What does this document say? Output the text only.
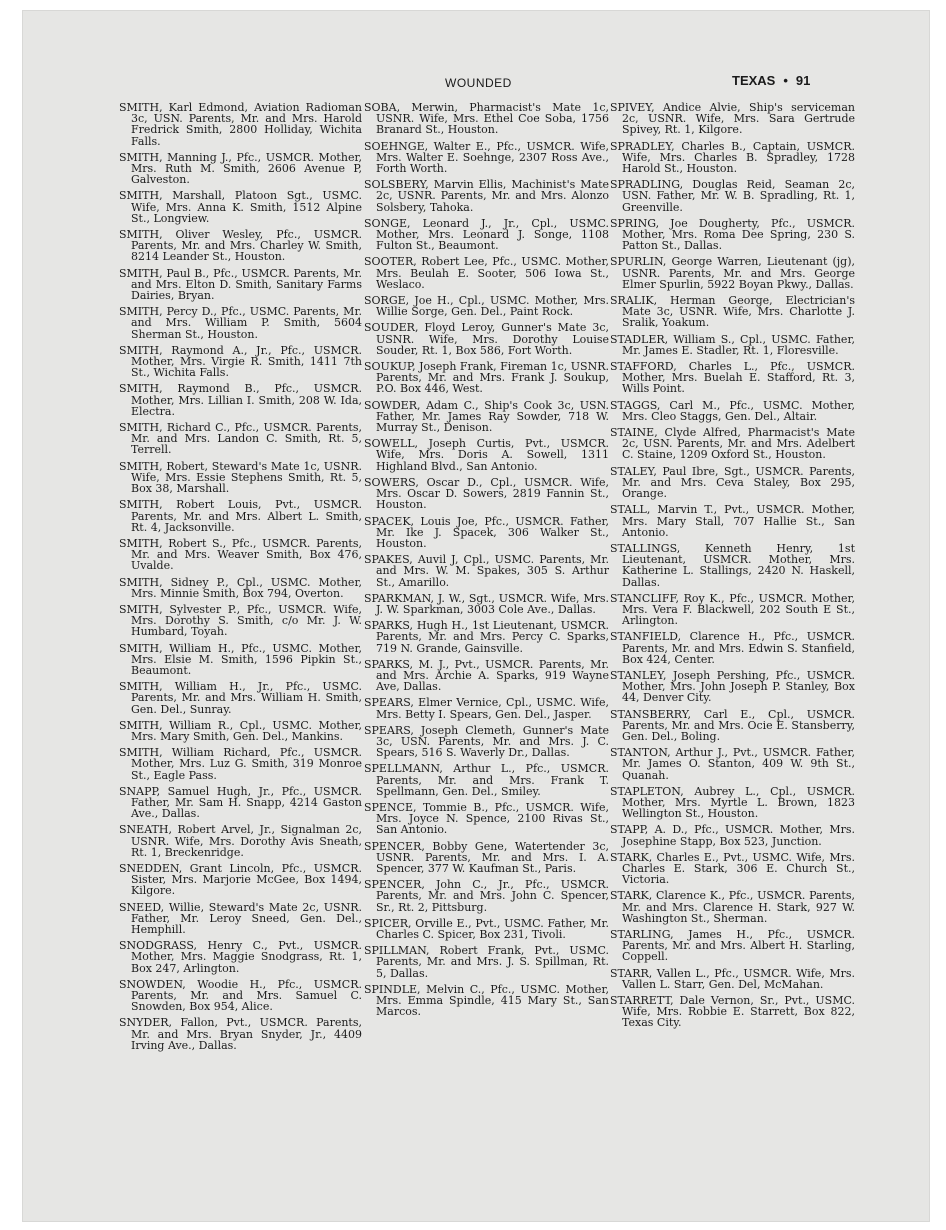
WOUNDED	TEXAS • 91

SMITH, Karl Edmond, Aviation Radioman 3c, USN. Parents, Mr. and Mrs. Harold Fredrick Smith, 2800 Holliday, Wichita Falls.

SMITH, Manning J., Pfc., USMCR. Mother, Mrs. Ruth M. Smith, 2606 Avenue P, Galveston.

SMITH, Marshall, Platoon Sgt., USMC. Wife, Mrs. Anna K. Smith, 1512 Alpine St., Longview.

SMITH, Oliver Wesley, Pfc., USMCR. Parents, Mr. and Mrs. Charley W. Smith, 8214 Leander St., Houston.

SMITH, Paul B., Pfc., USMCR. Parents, Mr. and Mrs. Elton D. Smith, Sanitary Farms Dairies, Bryan.

SMITH, Percy D., Pfc., USMC. Parents, Mr. and Mrs. William P. Smith, 5604 Sherman St., Houston.

SMITH, Raymond A., Jr., Pfc., USMCR. Mother, Mrs. Virgie R. Smith, 1411 7th St., Wichita Falls.

SMITH, Raymond B., Pfc., USMCR. Mother, Mrs. Lillian I. Smith, 208 W. Ida, Electra.

SMITH, Richard C., Pfc., USMCR. Parents, Mr. and Mrs. Landon C. Smith, Rt. 5, Terrell.

SMITH, Robert, Steward's Mate 1c, USNR. Wife, Mrs. Essie Stephens Smith, Rt. 5, Box 38, Marshall.

SMITH, Robert Louis, Pvt., USMCR. Parents, Mr. and Mrs. Albert L. Smith, Rt. 4, Jacksonville.

SMITH, Robert S., Pfc., USMCR. Parents, Mr. and Mrs. Weaver Smith, Box 476, Uvalde.

SMITH, Sidney P., Cpl., USMC. Mother, Mrs. Minnie Smith, Box 794, Overton.

SMITH, Sylvester P., Pfc., USMCR. Wife, Mrs. Dorothy S. Smith, c/o Mr. J. W. Humbard, Toyah.

SMITH, William H., Pfc., USMC. Mother, Mrs. Elsie M. Smith, 1596 Pipkin St., Beaumont.

SMITH, William H., Jr., Pfc., USMC. Parents, Mr. and Mrs. William H. Smith, Gen. Del., Sunray.

SMITH, William R., Cpl., USMC. Mother, Mrs. Mary Smith, Gen. Del., Mankins.

SMITH, William Richard, Pfc., USMCR. Mother, Mrs. Luz G. Smith, 319 Monroe St., Eagle Pass.

SNAPP, Samuel Hugh, Jr., Pfc., USMCR. Father, Mr. Sam H. Snapp, 4214 Gaston Ave., Dallas.

SNEATH, Robert Arvel, Jr., Signalman 2c, USNR. Wife, Mrs. Dorothy Avis Sneath, Rt. 1, Breckenridge.

SNEDDEN, Grant Lincoln, Pfc., USMCR. Sister, Mrs. Marjorie McGee, Box 1494, Kilgore.

SNEED, Willie, Steward's Mate 2c, USNR. Father, Mr. Leroy Sneed, Gen. Del., Hemphill.

SNODGRASS, Henry C., Pvt., USMCR. Mother, Mrs. Maggie Snodgrass, Rt. 1, Box 247, Arlington.

SNOWDEN, Woodie H., Pfc., USMCR. Parents, Mr. and Mrs. Samuel C. Snowden, Box 954, Alice.

SNYDER, Fallon, Pvt., USMCR. Parents, Mr. and Mrs. Bryan Snyder, Jr., 4409 Irving Ave., Dallas.

SOBA, Merwin, Pharmacist's Mate 1c, USNR. Wife, Mrs. Ethel Coe Soba, 1756 Branard St., Houston.

SOEHNGE, Walter E., Pfc., USMCR. Wife, Mrs. Walter E. Soehnge, 2307 Ross Ave., Forth Worth.

SOLSBERY, Marvin Ellis, Machinist's Mate 2c, USNR. Parents, Mr. and Mrs. Alonzo Solsbery, Tahoka.

SONGE, Leonard J., Jr., Cpl., USMC. Mother, Mrs. Leonard J. Songe, 1108 Fulton St., Beaumont.

SOOTER, Robert Lee, Pfc., USMC. Mother, Mrs. Beulah E. Sooter, 506 Iowa St., Weslaco.

SORGE, Joe H., Cpl., USMC. Mother, Mrs. Willie Sorge, Gen. Del., Paint Rock.

SOUDER, Floyd Leroy, Gunner's Mate 3c, USNR. Wife, Mrs. Dorothy Louise Souder, Rt. 1, Box 586, Fort Worth.

SOUKUP, Joseph Frank, Fireman 1c, USNR. Parents, Mr. and Mrs. Frank J. Soukup, P.O. Box 446, West.

SOWDER, Adam C., Ship's Cook 3c, USN. Father, Mr. James Ray Sowder, 718 W. Murray St., Denison.

SOWELL, Joseph Curtis, Pvt., USMCR. Wife, Mrs. Doris A. Sowell, 1311 Highland Blvd., San Antonio.

SOWERS, Oscar D., Cpl., USMCR. Wife, Mrs. Oscar D. Sowers, 2819 Fannin St., Houston.

SPACEK, Louis Joe, Pfc., USMCR. Father, Mr. Ike J. Spacek, 306 Walker St., Houston.

SPAKES, Auvil J, Cpl., USMC. Parents, Mr. and Mrs. W. M. Spakes, 305 S. Arthur St., Amarillo.

SPARKMAN, J. W., Sgt., USMCR. Wife, Mrs. J. W. Sparkman, 3003 Cole Ave., Dallas.

SPARKS, Hugh H., 1st Lieutenant, USMCR. Parents, Mr. and Mrs. Percy C. Sparks, 719 N. Grande, Gainsville.

SPARKS, M. J., Pvt., USMCR. Parents, Mr. and Mrs. Archie A. Sparks, 919 Wayne Ave, Dallas.

SPEARS, Elmer Vernice, Cpl., USMC. Wife, Mrs. Betty I. Spears, Gen. Del., Jasper.

SPEARS, Joseph Clemeth, Gunner's Mate 3c, USN. Parents, Mr. and Mrs. J. C. Spears, 516 S. Waverly Dr., Dallas.

SPELLMANN, Arthur L., Pfc., USMCR. Parents, Mr. and Mrs. Frank T. Spellmann, Gen. Del., Smiley.

SPENCE, Tommie B., Pfc., USMCR. Wife, Mrs. Joyce N. Spence, 2100 Rivas St., San Antonio.

SPENCER, Bobby Gene, Watertender 3c, USNR. Parents, Mr. and Mrs. I. A. Spencer, 377 W. Kaufman St., Paris.

SPENCER, John C., Jr., Pfc., USMCR. Parents, Mr. and Mrs. John C. Spencer, Sr., Rt. 2, Pittsburg.

SPICER, Orville E., Pvt., USMC. Father, Mr. Charles C. Spicer, Box 231, Tivoli.

SPILLMAN, Robert Frank, Pvt., USMC. Parents, Mr. and Mrs. J. S. Spillman, Rt. 5, Dallas.

SPINDLE, Melvin C., Pfc., USMC. Mother, Mrs. Emma Spindle, 415 Mary St., San Marcos.

SPIVEY, Andice Alvie, Ship's serviceman 2c, USNR. Wife, Mrs. Sara Gertrude Spivey, Rt. 1, Kilgore.

SPRADLEY, Charles B., Captain, USMCR. Wife, Mrs. Charles B. Spradley, 1728 Harold St., Houston.

SPRADLING, Douglas Reid, Seaman 2c, USN. Father, Mr. W. B. Spradling, Rt. 1, Greenville.

SPRING, Joe Dougherty, Pfc., USMCR. Mother, Mrs. Roma Dee Spring, 230 S. Patton St., Dallas.

SPURLIN, George Warren, Lieutenant (jg), USNR. Parents, Mr. and Mrs. George Elmer Spurlin, 5922 Boyan Pkwy., Dallas.

SRALIK, Herman George, Electrician's Mate 3c, USNR. Wife, Mrs. Charlotte J. Sralik, Yoakum.

STADLER, William S., Cpl., USMC. Father, Mr. James E. Stadler, Rt. 1, Floresville.

STAFFORD, Charles L., Pfc., USMCR. Mother, Mrs. Buelah E. Stafford, Rt. 3, Wills Point.

STAGGS, Carl M., Pfc., USMC. Mother, Mrs. Cleo Staggs, Gen. Del., Altair.

STAINE, Clyde Alfred, Pharmacist's Mate 2c, USN. Parents, Mr. and Mrs. Adelbert C. Staine, 1209 Oxford St., Houston.

STALEY, Paul Ibre, Sgt., USMCR. Parents, Mr. and Mrs. Ceva Staley, Box 295, Orange.

STALL, Marvin T., Pvt., USMCR. Mother, Mrs. Mary Stall, 707 Hallie St., San Antonio.

STALLINGS, Kenneth Henry, 1st Lieutenant, USMCR. Mother, Mrs. Katherine L. Stallings, 2420 N. Haskell, Dallas.

STANCLIFF, Roy K., Pfc., USMCR. Mother, Mrs. Vera F. Blackwell, 202 South E St., Arlington.

STANFIELD, Clarence H., Pfc., USMCR. Parents, Mr. and Mrs. Edwin S. Stanfield, Box 424, Center.

STANLEY, Joseph Pershing, Pfc., USMCR. Mother, Mrs. John Joseph P. Stanley, Box 44, Denver City.

STANSBERRY, Carl E., Cpl., USMCR. Parents, Mr. and Mrs. Ocie E. Stansberry, Gen. Del., Boling.

STANTON, Arthur J., Pvt., USMCR. Father, Mr. James O. Stanton, 409 W. 9th St., Quanah.

STAPLETON, Aubrey L., Cpl., USMCR. Mother, Mrs. Myrtle L. Brown, 1823 Wellington St., Houston.

STAPP, A. D., Pfc., USMCR. Mother, Mrs. Josephine Stapp, Box 523, Junction.

STARK, Charles E., Pvt., USMC. Wife, Mrs. Charles E. Stark, 306 E. Church St., Victoria.

STARK, Clarence K., Pfc., USMCR. Parents, Mr. and Mrs. Clarence H. Stark, 927 W. Washington St., Sherman.

STARLING, James H., Pfc., USMCR. Parents, Mr. and Mrs. Albert H. Starling, Coppell.

STARR, Vallen L., Pfc., USMCR. Wife, Mrs. Vallen L. Starr, Gen. Del, McMahan.

STARRETT, Dale Vernon, Sr., Pvt., USMC. Wife, Mrs. Robbie E. Starrett, Box 822, Texas City.
